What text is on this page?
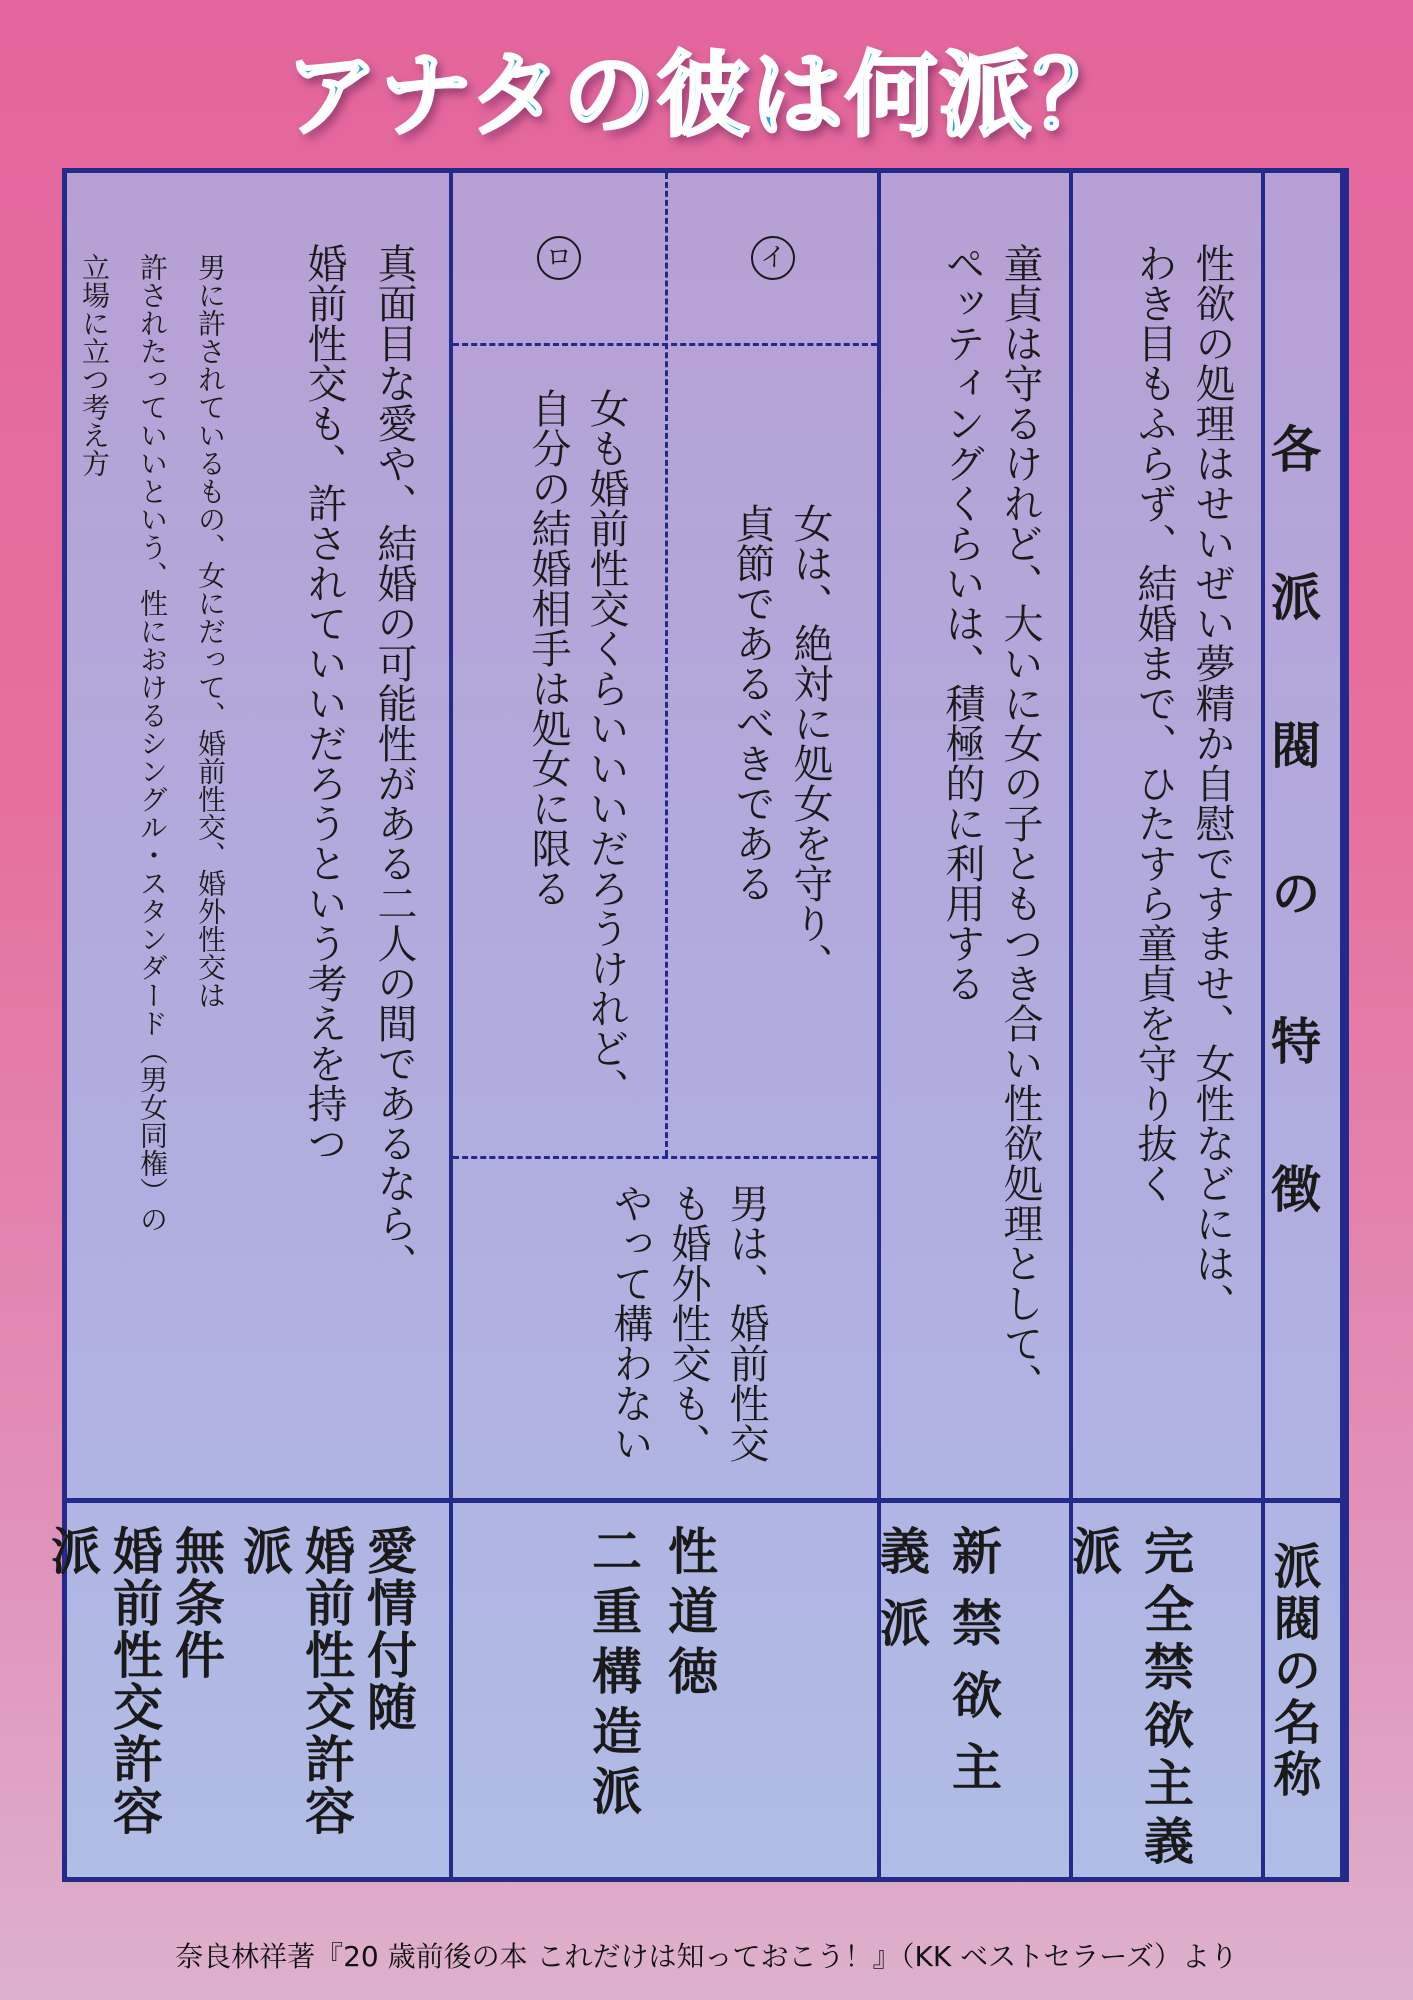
アナタの彼は何派？
各派閥の特徴
派閥の名称
性欲の処理はせいぜい夢精か自慰ですませ、女性などには、
わき目もふらず、結婚まで、ひたすら童貞を守り抜く
完全禁欲主義派
童貞は守るけれど、大いに女の子ともつき合い性欲処理として、
ペッティングくらいは、積極的に利用する
新禁欲主義派
イ
ロ
女は、絶対に処女を守り、
貞節であるべきである
女も婚前性交くらいいいだろうけれど、
自分の結婚相手は処女に限る
男は、婚前性交
も婚外性交も、
やって構わない
性道徳
二重構造派
真面目な愛や、結婚の可能性がある二人の間であるなら、
婚前性交も、許されていいだろうという考えを持つ
愛情付随
婚前性交許容派
男に許されているもの、女にだって、婚前性交、婚外性交は
許されたっていいという、性におけるシングル・スタンダード（男女同権）の
立場に立つ考え方
無条件
婚前性交許容派
奈良林祥著『20 歳前後の本 これだけは知っておこう！』（KK ベストセラーズ）より
